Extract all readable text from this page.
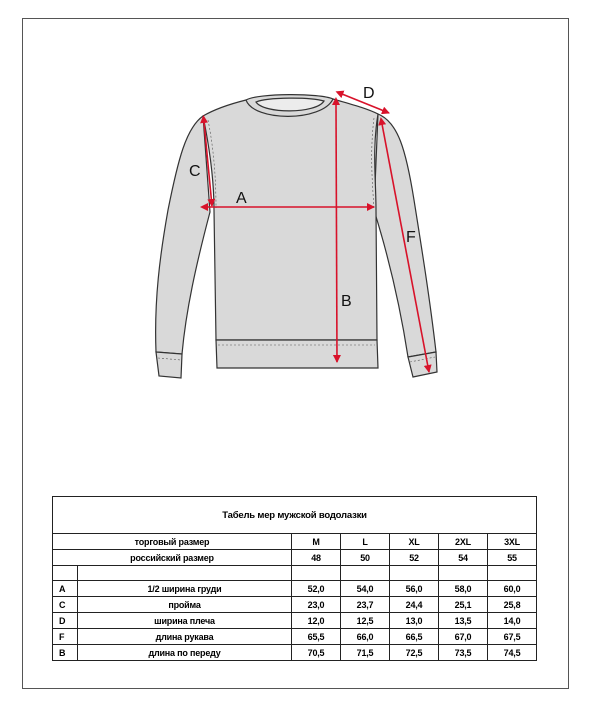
C
A
B
D
F
Табель мер мужской водолазки						
торговый размер		M	L	XL	2XL	3XL
российский размер		48	50	52	54	55

A	1/2 ширина груди	52,0	54,0	56,0	58,0	60,0
C	пройма	23,0	23,7	24,4	25,1	25,8
D	ширина плеча	12,0	12,5	13,0	13,5	14,0
F	длина рукава	65,5	66,0	66,5	67,0	67,5
B	длина по переду	70,5	71,5	72,5	73,5	74,5
